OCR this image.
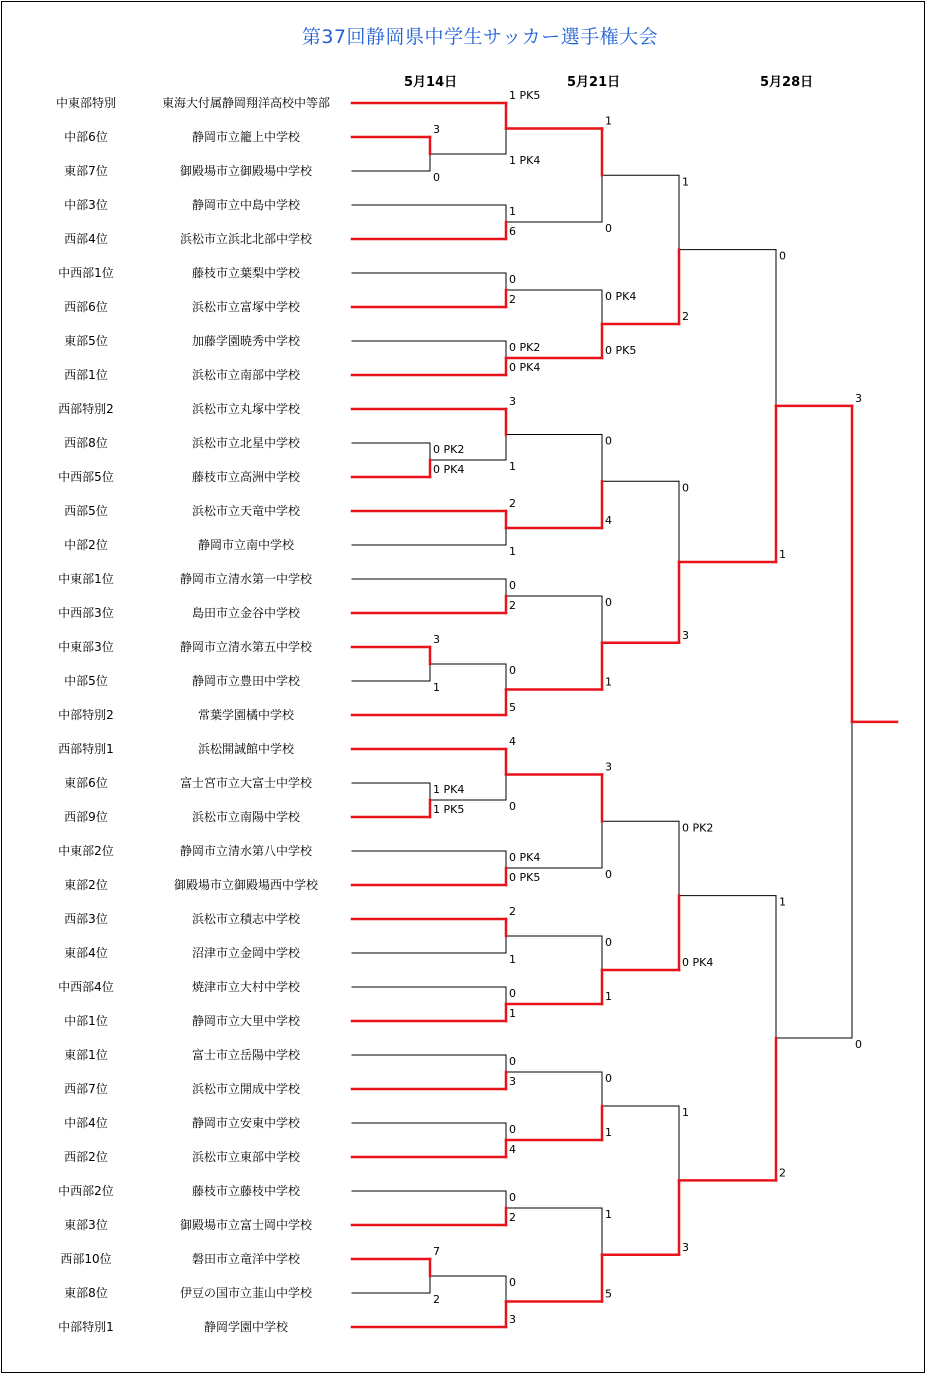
第37回静岡県中学生サッカー選手権大会
5月14日	5月21日	5月28日
中東部特別	東海大付属静岡翔洋高校中等部
中部6位	静岡市立籠上中学校
東部7位	御殿場市立御殿場中学校
中部3位	静岡市立中島中学校
西部4位	浜松市立浜北北部中学校
中西部1位	藤枝市立葉梨中学校
西部6位	浜松市立富塚中学校
東部5位	加藤学園暁秀中学校
西部1位	浜松市立南部中学校
西部特別2	浜松市立丸塚中学校
西部8位	浜松市立北星中学校
中西部5位	藤枝市立高洲中学校
西部5位	浜松市立天竜中学校
中部2位	静岡市立南中学校
中東部1位	静岡市立清水第一中学校
中西部3位	島田市立金谷中学校
中東部3位	静岡市立清水第五中学校
中部5位	静岡市立豊田中学校
中部特別2	常葉学園橘中学校
西部特別1	浜松開誠館中学校
東部6位	富士宮市立大富士中学校
西部9位	浜松市立南陽中学校
中東部2位	静岡市立清水第八中学校
東部2位	御殿場市立御殿場西中学校
西部3位	浜松市立積志中学校
東部4位	沼津市立金岡中学校
中西部4位	焼津市立大村中学校
中部1位	静岡市立大里中学校
東部1位	富士市立岳陽中学校
西部7位	浜松市立開成中学校
中部4位	静岡市立安東中学校
西部2位	浜松市立東部中学校
中西部2位	藤枝市立藤枝中学校
東部3位	御殿場市立富士岡中学校
西部10位	磐田市立竜洋中学校
東部8位	伊豆の国市立韮山中学校
中部特別1	静岡学園中学校
3
0
0 PK2
0 PK4
3
1
1 PK4
1 PK5
7
2
1 PK5
1 PK4
1
6
0
2
0 PK2
0 PK4
3
1
2
1
0
2
0
5
4
0
0 PK4
0 PK5
2
1
0
1
0
3
0
4
0
2
0
3
1
0
0 PK4
0 PK5
0
4
0
1
3
0
0
1
0
1
1
5
1
2
0
3
0 PK2
0 PK4
1
3
0
1
1
2
3
0
